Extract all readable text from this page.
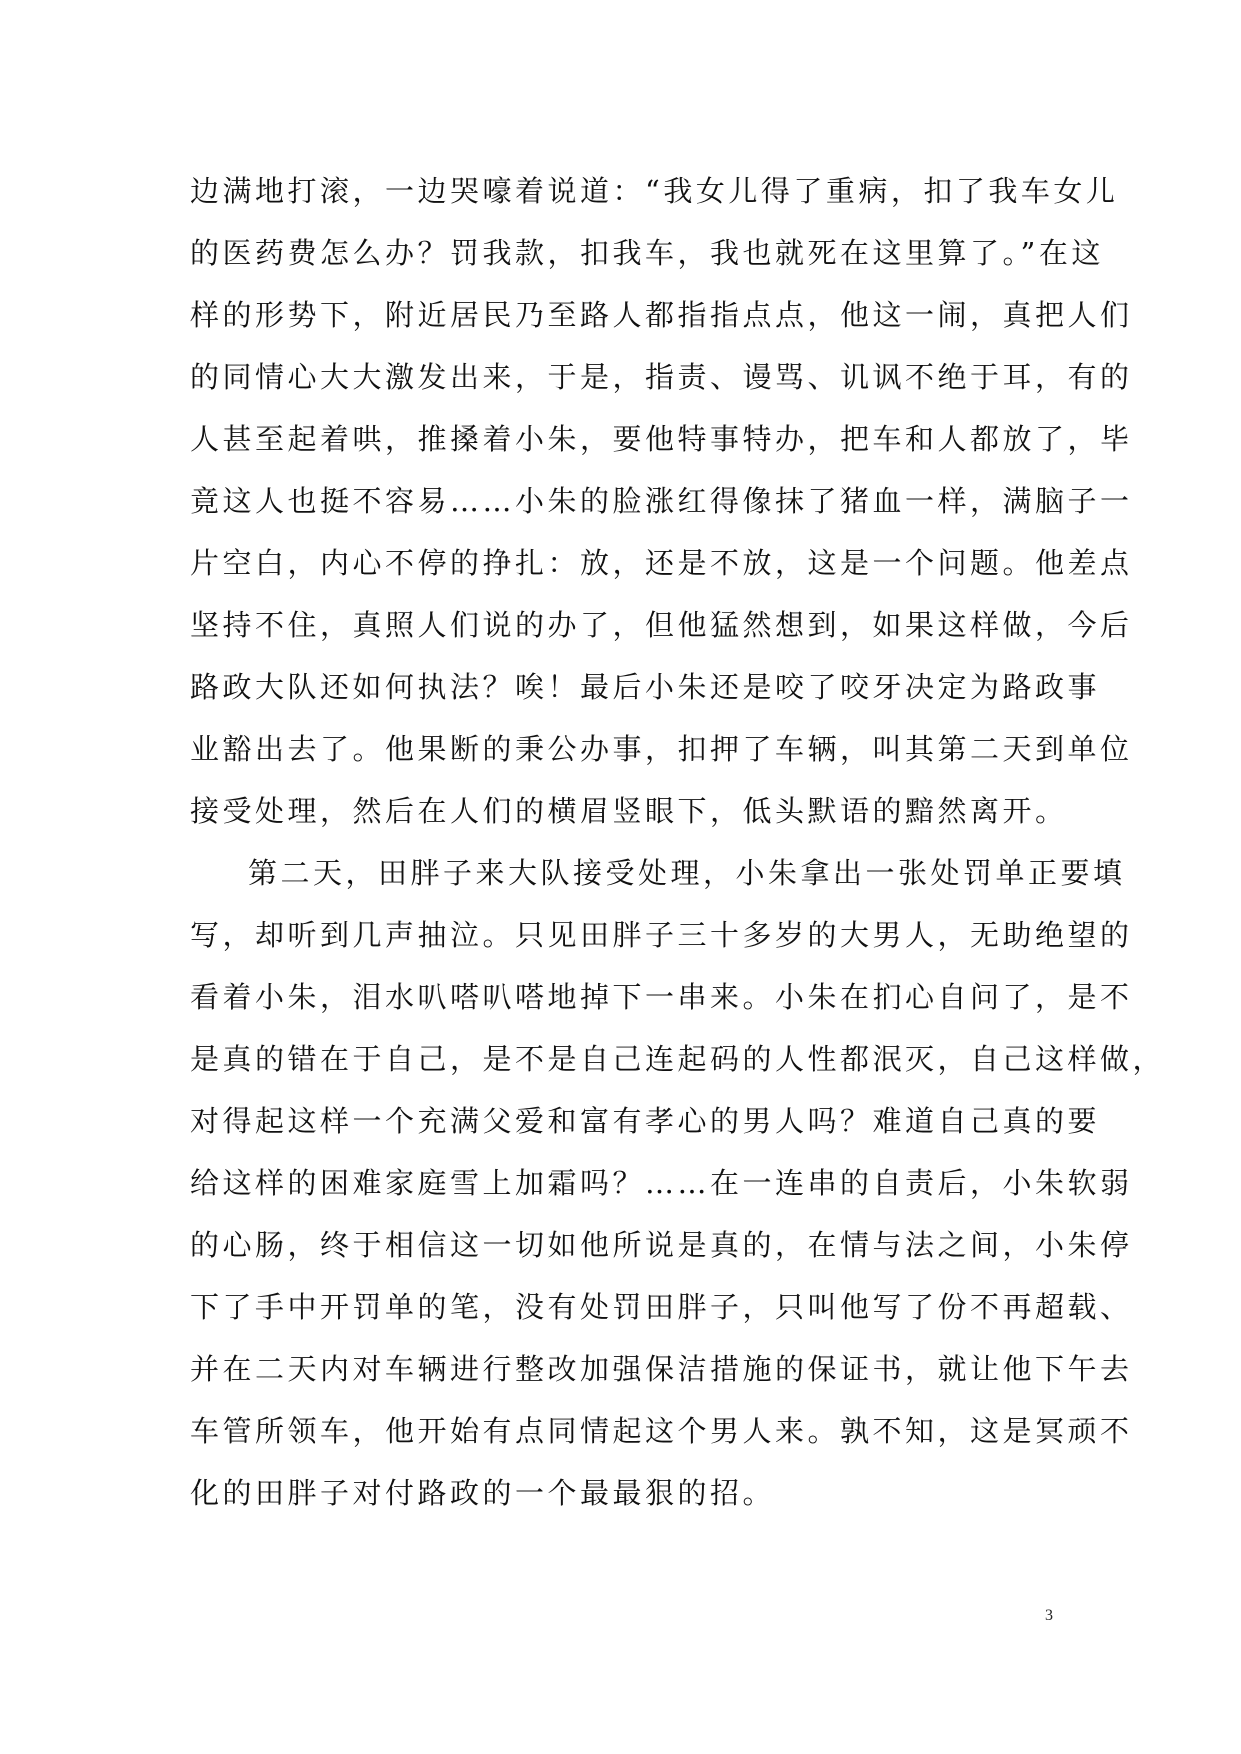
边满地打滚，一边哭嚎着说道：“我女儿得了重病，扣了我车女儿
的医药费怎么办？罚我款，扣我车，我也就死在这里算了。”在这
样的形势下，附近居民乃至路人都指指点点，他这一闹，真把人们
的同情心大大激发出来，于是，指责、谩骂、讥讽不绝于耳，有的
人甚至起着哄，推搡着小朱，要他特事特办，把车和人都放了，毕
竟这人也挺不容易……小朱的脸涨红得像抹了猪血一样，满脑子一
片空白，内心不停的挣扎：放，还是不放，这是一个问题。他差点
坚持不住，真照人们说的办了，但他猛然想到，如果这样做，今后
路政大队还如何执法？唉！最后小朱还是咬了咬牙决定为路政事
业豁出去了。他果断的秉公办事，扣押了车辆，叫其第二天到单位
接受处理，然后在人们的横眉竖眼下，低头默语的黯然离开。
第二天，田胖子来大队接受处理，小朱拿出一张处罚单正要填
写，却听到几声抽泣。只见田胖子三十多岁的大男人，无助绝望的
看着小朱，泪水叭嗒叭嗒地掉下一串来。小朱在扪心自问了，是不
是真的错在于自己，是不是自己连起码的人性都泯灭，自己这样做，
对得起这样一个充满父爱和富有孝心的男人吗？难道自己真的要
给这样的困难家庭雪上加霜吗？……在一连串的自责后，小朱软弱
的心肠，终于相信这一切如他所说是真的，在情与法之间，小朱停
下了手中开罚单的笔，没有处罚田胖子，只叫他写了份不再超载、
并在二天内对车辆进行整改加强保洁措施的保证书，就让他下午去
车管所领车，他开始有点同情起这个男人来。孰不知，这是冥顽不
化的田胖子对付路政的一个最最狠的招。
3
